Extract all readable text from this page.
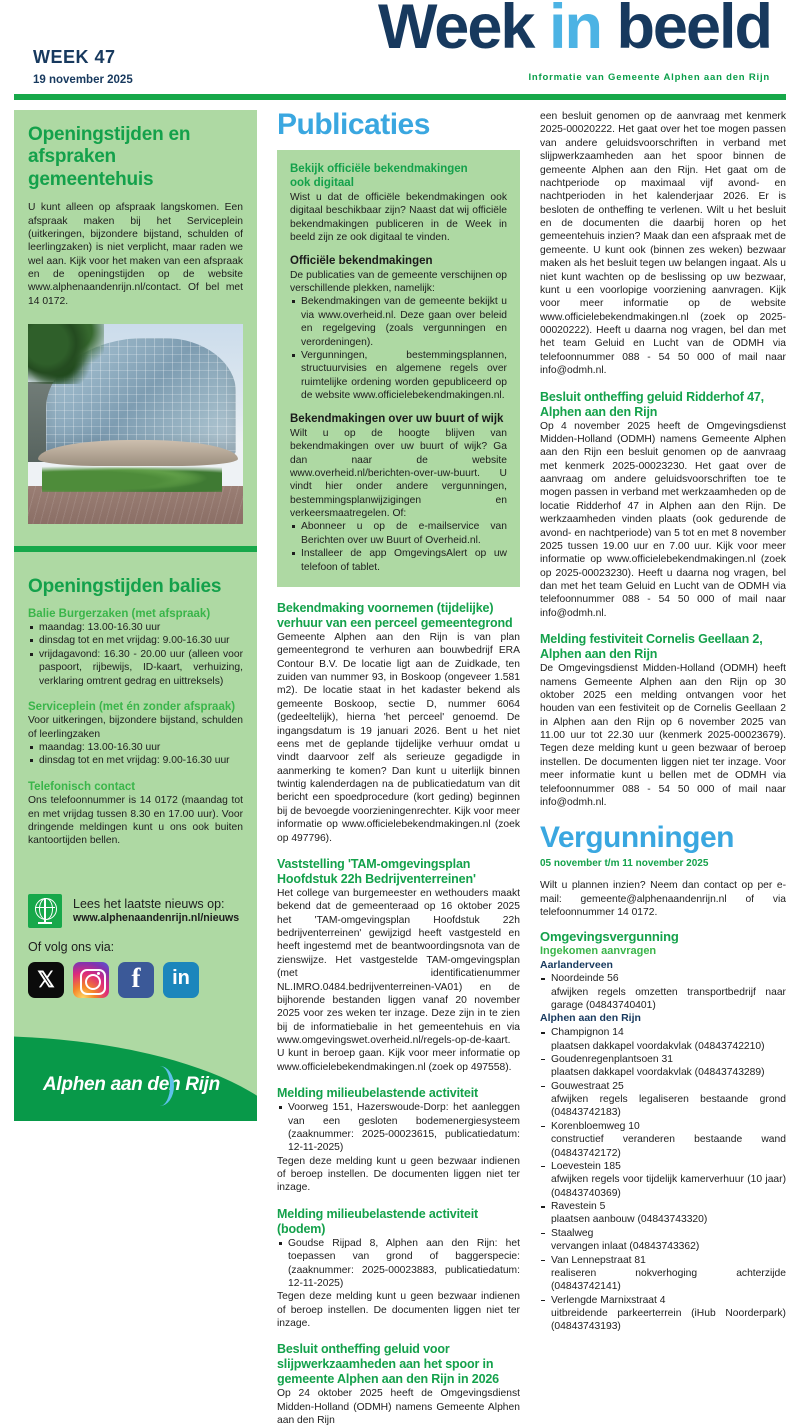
WEEK 47
19 november 2025
Week in beeld
Informatie van Gemeente Alphen aan den Rijn
Openingstijden en afspraken gemeentehuis
U kunt alleen op afspraak langskomen. Een afspraak maken bij het Serviceplein (uitkeringen, bijzondere bijstand, schulden of leerlingzaken) is niet verplicht, maar raden we wel aan. Kijk voor het maken van een afspraak en de openingstijden op de website www.alphenaandenrijn.nl/contact. Of bel met 14 0172.
Openingstijden balies
Balie Burgerzaken (met afspraak)
maandag: 13.00-16.30 uur
dinsdag tot en met vrijdag: 9.00-16.30 uur
vrijdagavond: 16.30 - 20.00 uur (alleen voor paspoort, rijbewijs, ID-kaart, verhuizing, verklaring omtrent gedrag en uittreksels)
Serviceplein (met én zonder afspraak)
Voor uitkeringen, bijzondere bijstand, schulden of leerlingzaken
maandag: 13.00-16.30 uur
dinsdag tot en met vrijdag: 9.00-16.30 uur
Telefonisch contact
Ons telefoonnummer is 14 0172 (maandag tot en met vrijdag tussen 8.30 en 17.00 uur). Voor dringende meldingen kunt u ons ook buiten kantoortijden bellen.
Lees het laatste nieuws op:
www.alphenaandenrijn.nl/nieuws
Of volg ons via:
𝕏	f	in
Alphen aan den Rijn
Publicaties
Bekijk officiële bekendmakingen
ook digitaal
Wist u dat de officiële bekendmakingen ook digitaal beschikbaar zijn? Naast dat wij officiële bekendmakingen publiceren in de Week in beeld zijn ze ook digitaal te vinden.
Officiële bekendmakingen
De publicaties van de gemeente verschijnen op verschillende plekken, namelijk:
Bekendmakingen van de gemeente bekijkt u via www.overheid.nl. Deze gaan over beleid en regelgeving (zoals vergunningen en verordeningen).
Vergunningen, bestemmingsplannen, structuurvisies en algemene regels over ruimtelijke ordening worden gepubliceerd op de website www.officielebekendmakingen.nl.
Bekendmakingen over uw buurt of wijk
Wilt u op de hoogte blijven van bekendmakingen over uw buurt of wijk? Ga dan naar de website www.overheid.nl/berichten-over-uw-buurt. U vindt hier onder andere vergunningen, bestemmingsplanwijzigingen en verkeersmaatregelen. Of:
Abonneer u op de e-mailservice van Berichten over uw Buurt of Overheid.nl.
Installeer de app OmgevingsAlert op uw telefoon of tablet.
Bekendmaking voornemen (tijdelijke) verhuur van een perceel gemeentegrond
Gemeente Alphen aan den Rijn is van plan gemeentegrond te verhuren aan bouwbedrijf ERA Contour B.V. De locatie ligt aan de Zuidkade, ten zuiden van nummer 93, in Boskoop (ongeveer 1.581 m2). De locatie staat in het kadaster bekend als gemeente Boskoop, sectie D, nummer 6064 (gedeeltelijk), hierna 'het perceel' genoemd. De ingangsdatum is 19 januari 2026. Bent u het niet eens met de geplande tijdelijke verhuur omdat u vindt daarvoor zelf als serieuze gegadigde in aanmerking te komen? Dan kunt u uiterlijk binnen twintig kalenderdagen na de publicatiedatum van dit bericht een spoedprocedure (kort geding) beginnen bij de bevoegde voorzieningenrechter. Kijk voor meer informatie op www.officielebekendmakingen.nl (zoek op 497796).
Vaststelling 'TAM-omgevingsplan Hoofdstuk 22h Bedrijventerreinen'
Het college van burgemeester en wethouders maakt bekend dat de gemeenteraad op 16 oktober 2025 het 'TAM-omgevingsplan Hoofdstuk 22h bedrijventerreinen' gewijzigd heeft vastgesteld en heeft ingestemd met de beantwoordingsnota van de zienswijze. Het vastgestelde TAM-omgevingsplan (met identificatienummer NL.IMRO.0484.bedrijventerreinen-VA01) en de bijhorende bestanden liggen vanaf 20 november 2025 voor zes weken ter inzage. Deze zijn in te zien bij de informatiebalie in het gemeentehuis en via www.omgevingswet.overheid.nl/regels-op-de-kaart. U kunt in beroep gaan. Kijk voor meer informatie op www.officielebekendmakingen.nl (zoek op 497558).
Melding milieubelastende activiteit
Voorweg 151, Hazerswoude-Dorp: het aanleggen van een gesloten bodemenergiesysteem (zaaknummer: 2025-00023615, publicatiedatum: 12-11-2025)
Tegen deze melding kunt u geen bezwaar indienen of beroep instellen. De documenten liggen niet ter inzage.
Melding milieubelastende activiteit (bodem)
Goudse Rijpad 8, Alphen aan den Rijn: het toepassen van grond of baggerspecie: (zaaknummer: 2025-00023883, publicatiedatum: 12-11-2025)
Tegen deze melding kunt u geen bezwaar indienen of beroep instellen. De documenten liggen niet ter inzage.
Besluit ontheffing geluid voor slijpwerkzaamheden aan het spoor in gemeente Alphen aan den Rijn in 2026
Op 24 oktober 2025 heeft de Omgevingsdienst Midden-Holland (ODMH) namens Gemeente Alphen aan den Rijn
een besluit genomen op de aanvraag met kenmerk 2025-00020222. Het gaat over het toe mogen passen van andere geluidsvoorschriften in verband met slijpwerkzaamheden aan het spoor binnen de gemeente Alphen aan den Rijn. Het gaat om de nachtperiode op maximaal vijf avond- en nachtperioden in het kalenderjaar 2026. Er is besloten de ontheffing te verlenen. Wilt u het besluit en de documenten die daarbij horen op het gemeentehuis inzien? Maak dan een afspraak met de gemeente. U kunt ook (binnen zes weken) bezwaar maken als het besluit tegen uw belangen ingaat. Als u niet kunt wachten op de beslissing op uw bezwaar, kunt u een voorlopige voorziening aanvragen. Kijk voor meer informatie op de website www.officielebekendmakingen.nl (zoek op 2025-00020222). Heeft u daarna nog vragen, bel dan met het team Geluid en Lucht van de ODMH via telefoonnummer 088 - 54 50 000 of mail naar info@odmh.nl.
Besluit ontheffing geluid Ridderhof 47, Alphen aan den Rijn
Op 4 november 2025 heeft de Omgevingsdienst Midden-Holland (ODMH) namens Gemeente Alphen aan den Rijn een besluit genomen op de aanvraag met kenmerk 2025-00023230. Het gaat over de aanvraag om andere geluidsvoorschriften toe te mogen passen in verband met werkzaamheden op de locatie Ridderhof 47 in Alphen aan den Rijn. De werkzaamheden vinden plaats (ook gedurende de avond- en nachtperiode) van 5 tot en met 8 november 2025 tussen 19.00 uur en 7.00 uur. Kijk voor meer informatie op www.officielebekendmakingen.nl (zoek op 2025-00023230). Heeft u daarna nog vragen, bel dan met het team Geluid en Lucht van de ODMH via telefoonnummer 088 - 54 50 000 of mail naar info@odmh.nl.
Melding festiviteit Cornelis Geellaan 2, Alphen aan den Rijn
De Omgevingsdienst Midden-Holland (ODMH) heeft namens Gemeente Alphen aan den Rijn op 30 oktober 2025 een melding ontvangen voor het houden van een festiviteit op de Cornelis Geellaan 2 in Alphen aan den Rijn op 6 november 2025 van 11.00 uur tot 22.30 uur (kenmerk 2025-00023679). Tegen deze melding kunt u geen bezwaar of beroep instellen. De documenten liggen niet ter inzage. Voor meer informatie kunt u bellen met de ODMH via telefoonnummer 088 - 54 50 000 of mail naar info@odmh.nl.
Vergunningen
05 november t/m 11 november 2025
Wilt u plannen inzien? Neem dan contact op per e-mail: gemeente@alphenaandenrijn.nl of via telefoonnummer 14 0172.
Omgevingsvergunning
Ingekomen aanvragen
Aarlanderveen
Noordeinde 56
afwijken regels omzetten transportbedrijf naar garage (04843740401)
Alphen aan den Rijn
Champignon 14
plaatsen dakkapel voordakvlak (04843742210)
Goudenregenplantsoen 31
plaatsen dakkapel voordakvlak (04843743289)
Gouwestraat 25
afwijken regels legaliseren bestaande grond (04843742183)
Korenbloemweg 10
constructief veranderen bestaande wand (04843742172)
Loevestein 185
afwijken regels voor tijdelijk kamerverhuur (10 jaar)(04843740369)
Ravestein 5
plaatsen aanbouw (04843743320)
Staalweg
vervangen inlaat (04843743362)
Van Lennepstraat 81
realiseren nokverhoging achterzijde (04843742141)
Verlengde Marnixstraat 4
uitbreidende parkeerterrein (iHub Noorderpark) (04843743193)
